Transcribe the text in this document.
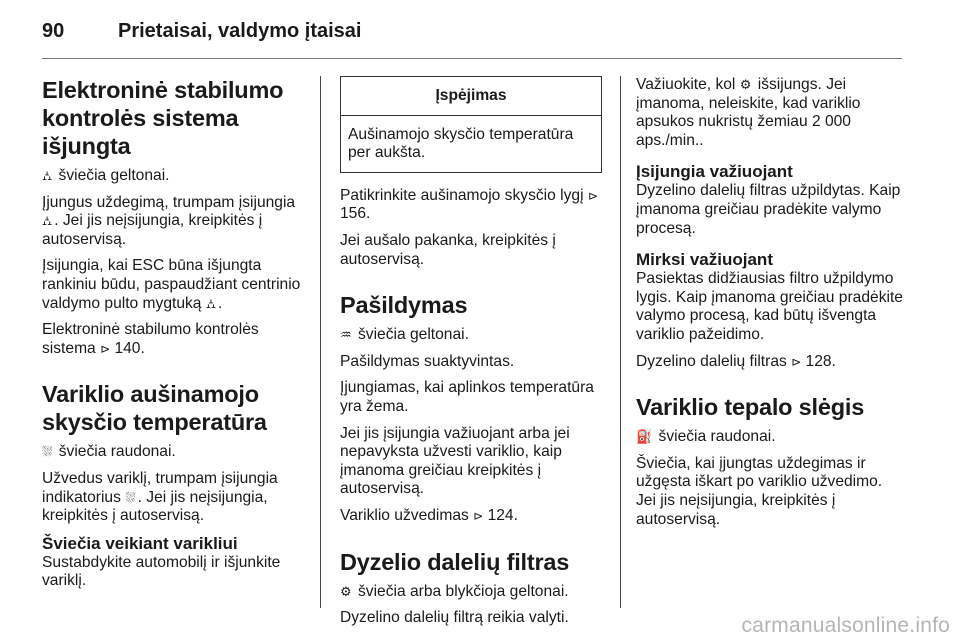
90	Prietaisai, valdymo įtaisai
Elektroninė stabilumo kontrolės sistema išjungta
⛼ šviečia geltonai.
Įjungus uždegimą, trumpam įsijungia ⛼ . Jei jis neįsijungia, kreipkitės į autoservisą.
Įsijungia, kai ESC būna išjungta rankiniu būdu, paspaudžiant centrinio valdymo pulto mygtuką ⛼ .
Elektroninė stabilumo kontrolės sistema ⊳ 140.
Variklio aušinamojo skysčio temperatūra
⛆ šviečia raudonai.
Užvedus variklį, trumpam įsijungia indikatorius ⛆ . Jei jis neįsijungia, kreipkitės į autoservisą.
Šviečia veikiant varikliui
Sustabdykite automobilį ir išjunkite variklį.
Įspėjimas
Aušinamojo skysčio temperatūra per aukšta.
Patikrinkite aušinamojo skysčio lygį ⊳ 156.
Jei aušalo pakanka, kreipkitės į autoservisą.
Pašildymas
♒ šviečia geltonai.
Pašildymas suaktyvintas.
Įjungiamas, kai aplinkos temperatūra yra žema.
Jei jis įsijungia važiuojant arba jei nepavyksta užvesti variklio, kaip įmanoma greičiau kreipkitės į autoservisą.
Variklio užvedimas ⊳ 124.
Dyzelio dalelių filtras
⚙ šviečia arba blykčioja geltonai.
Dyzelino dalelių filtrą reikia valyti.
Važiuokite, kol ⚙ išsijungs. Jei įmanoma, neleiskite, kad variklio apsukos nukristų žemiau 2 000 aps./min..
Įsijungia važiuojant
Dyzelino dalelių filtras užpildytas. Kaip įmanoma greičiau pradėkite valymo procesą.
Mirksi važiuojant
Pasiektas didžiausias filtro užpildymo lygis. Kaip įmanoma greičiau pradėkite valymo procesą, kad būtų išvengta variklio pažeidimo.
Dyzelino dalelių filtras ⊳ 128.
Variklio tepalo slėgis
⛽ šviečia raudonai.
Šviečia, kai įjungtas uždegimas ir užgęsta iškart po variklio užvedimo. Jei jis neįsijungia, kreipkitės į autoservisą.
carmanualsonline.info
